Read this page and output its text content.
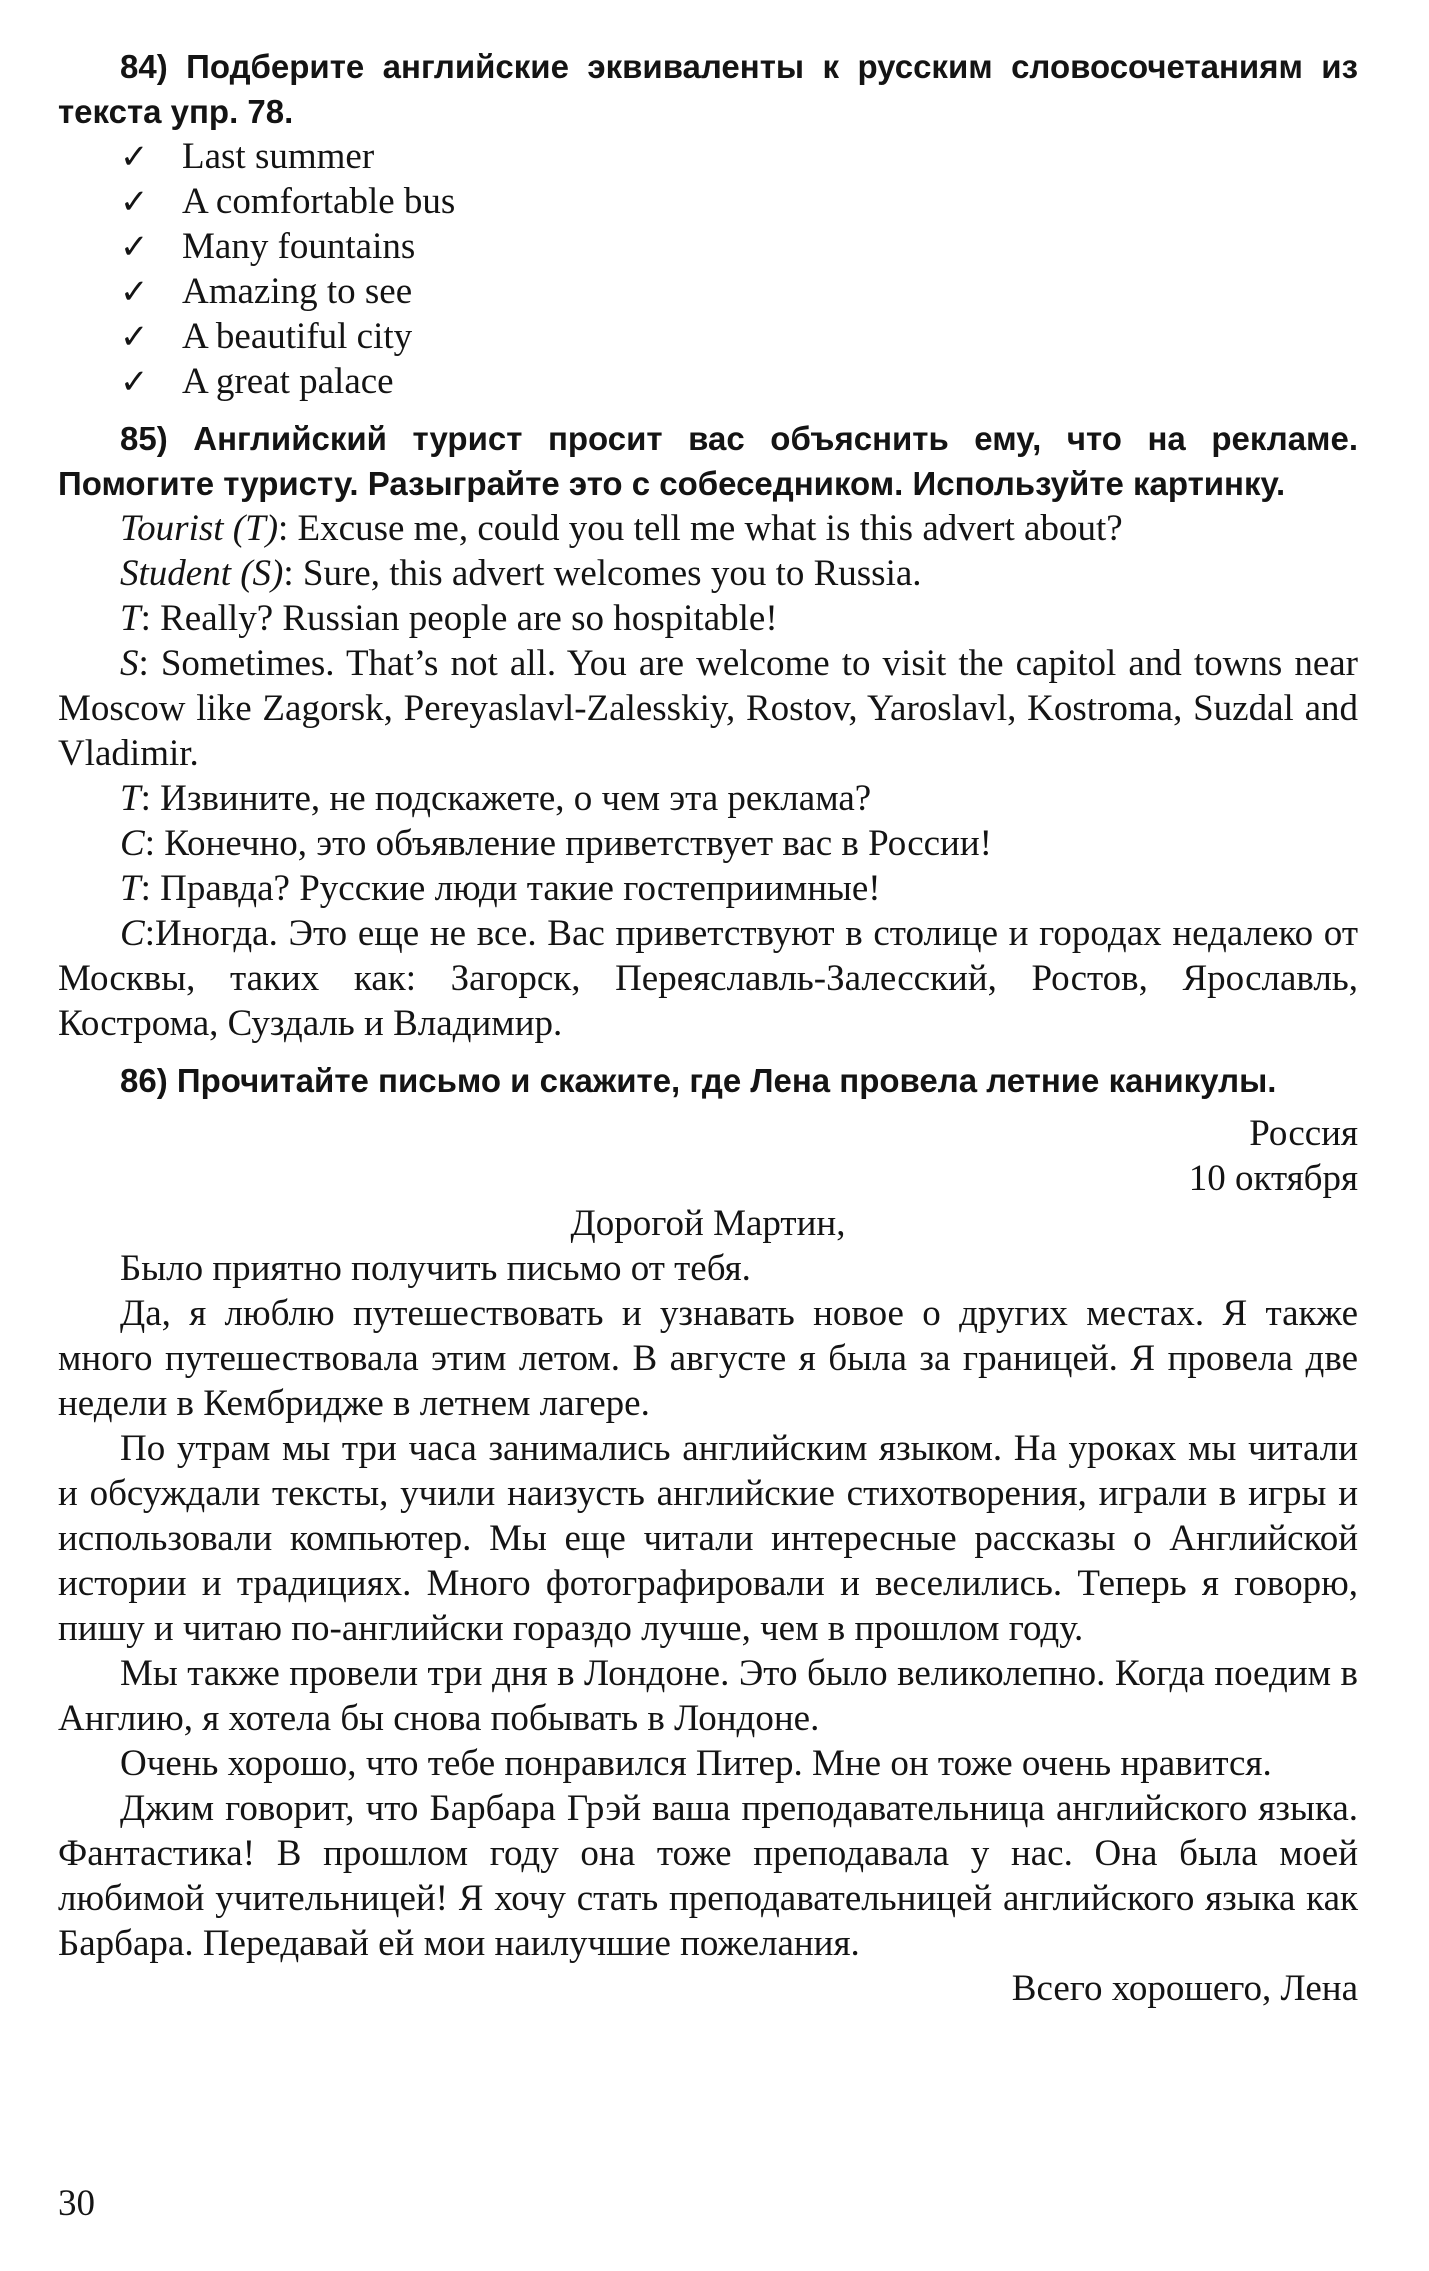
84) Подберите английские эквиваленты к русским словосочетаниям из текста упр. 78.

✓ Last summer
✓ A comfortable bus
✓ Many fountains
✓ Amazing to see
✓ A beautiful city
✓ A great palace

85) Английский турист просит вас объяснить ему, что на рекламе. Помогите туристу. Разыграйте это с собеседником. Используйте картинку.

Tourist (T): Excuse me, could you tell me what is this advert about?

Student (S): Sure, this advert welcomes you to Russia.

T: Really? Russian people are so hospitable!

S: Sometimes. That’s not all. You are welcome to visit the capitol and towns near Moscow like Zagorsk, Pereyaslavl-Zalesskiy, Rostov, Yaroslavl, Kostroma, Suzdal and Vladimir.

Т: Извините, не подскажете, о чем эта реклама?

С: Конечно, это объявление приветствует вас в России!

Т: Правда? Русские люди такие гостеприимные!

С:Иногда. Это еще не все. Вас приветствуют в столице и городах недалеко от Москвы, таких как: Загорск, Переяславль-Залесский, Ростов, Ярославль, Кострома, Суздаль и Владимир.

86) Прочитайте письмо и скажите, где Лена провела летние каникулы.

Россия

10 октября

Дорогой Мартин,

Было приятно получить письмо от тебя.

Да, я люблю путешествовать и узнавать новое о других местах. Я также много путешествовала этим летом. В августе я была за границей. Я провела две недели в Кембридже в летнем лагере.

По утрам мы три часа занимались английским языком. На уроках мы читали и обсуждали тексты, учили наизусть английские стихотворения, играли в игры и использовали компьютер. Мы еще читали интересные рассказы о Английской истории и традициях. Много фотографировали и веселились. Теперь я говорю, пишу и читаю по-английски гораздо лучше, чем в прошлом году.

Мы также провели три дня в Лондоне. Это было великолепно. Когда поедим в Англию, я хотела бы снова побывать в Лондоне.

Очень хорошо, что тебе понравился Питер. Мне он тоже очень нравится.

Джим говорит, что Барбара Грэй ваша преподавательница английского языка. Фантастика! В прошлом году она тоже преподавала у нас. Она была моей любимой учительницей! Я хочу стать преподавательницей английского языка как Барбара. Передавай ей мои наилучшие пожелания.

Всего хорошего, Лена

30
